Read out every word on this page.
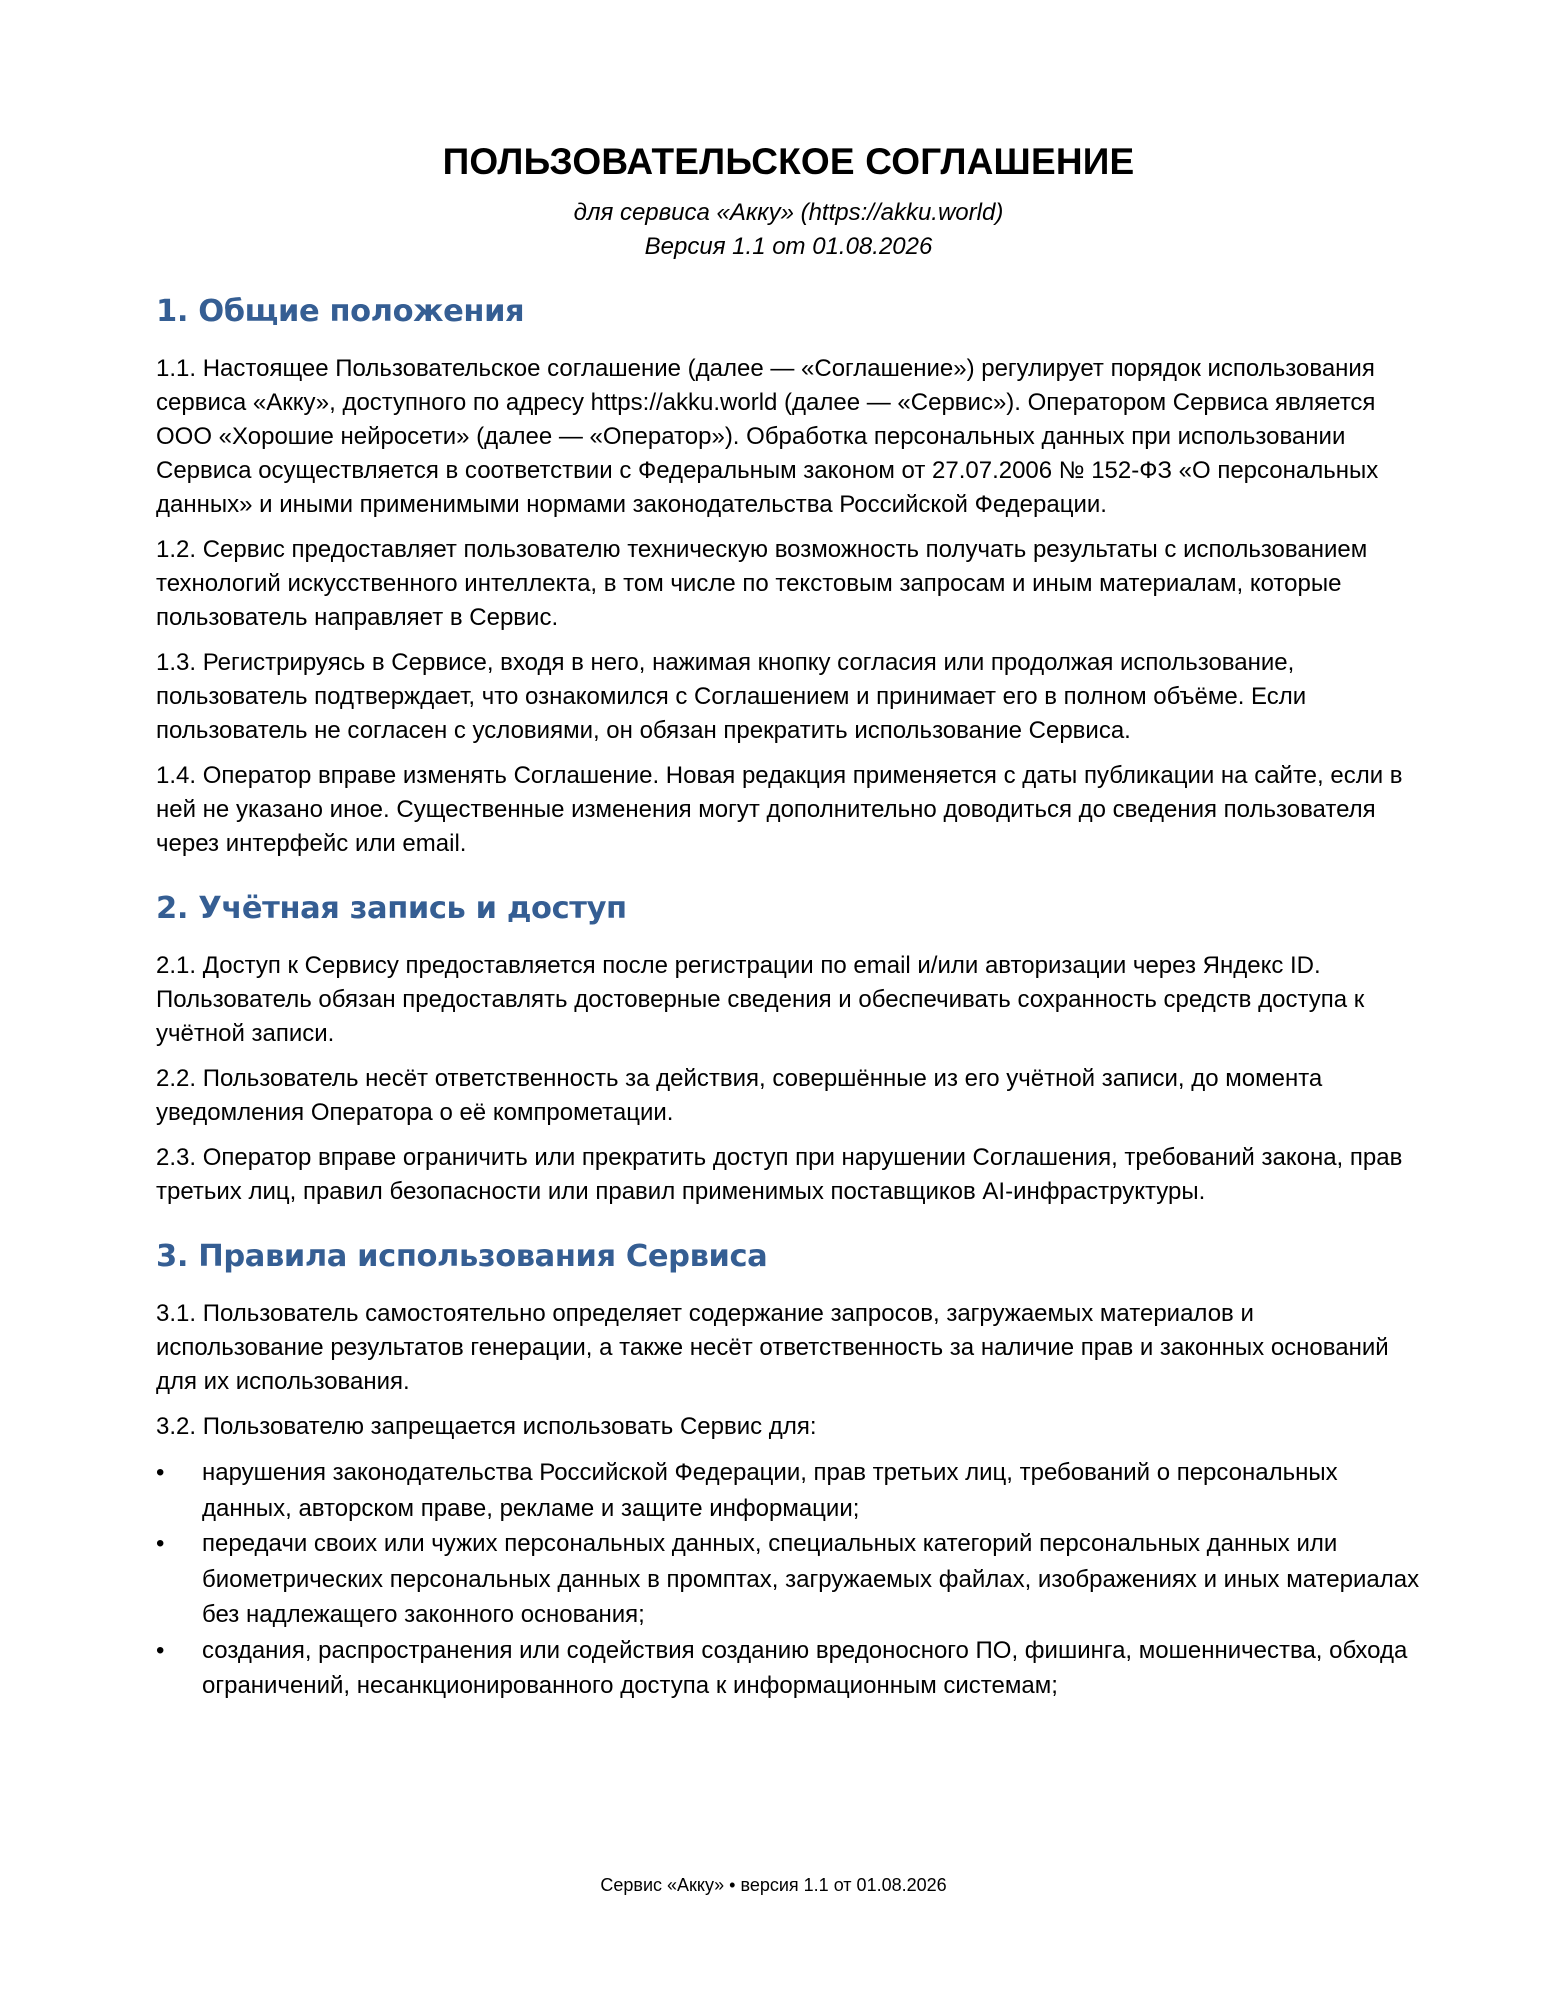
ПОЛЬЗОВАТЕЛЬСКОЕ СОГЛАШЕНИЕ

для сервиса «Акку» (https://akku.world)
Версия 1.1 от 01.08.2026

1. Общие положения

1.1. Настоящее Пользовательское соглашение (далее — «Соглашение») регулирует порядок использования сервиса «Акку», доступного по адресу https://akku.world (далее — «Сервис»). Оператором Сервиса является ООО «Хорошие нейросети» (далее — «Оператор»). Обработка персональных данных при использовании Сервиса осуществляется в соответствии с Федеральным законом от 27.07.2006 № 152-ФЗ «О персональных данных» и иными применимыми нормами законодательства Российской Федерации.

1.2. Сервис предоставляет пользователю техническую возможность получать результаты с использованием технологий искусственного интеллекта, в том числе по текстовым запросам и иным материалам, которые пользователь направляет в Сервис.

1.3. Регистрируясь в Сервисе, входя в него, нажимая кнопку согласия или продолжая использование, пользователь подтверждает, что ознакомился с Соглашением и принимает его в полном объёме. Если пользователь не согласен с условиями, он обязан прекратить использование Сервиса.

1.4. Оператор вправе изменять Соглашение. Новая редакция применяется с даты публикации на сайте, если в ней не указано иное. Существенные изменения могут дополнительно доводиться до сведения пользователя через интерфейс или email.

2. Учётная запись и доступ

2.1. Доступ к Сервису предоставляется после регистрации по email и/или авторизации через Яндекс ID. Пользователь обязан предоставлять достоверные сведения и обеспечивать сохранность средств доступа к учётной записи.

2.2. Пользователь несёт ответственность за действия, совершённые из его учётной записи, до момента уведомления Оператора о её компрометации.

2.3. Оператор вправе ограничить или прекратить доступ при нарушении Соглашения, требований закона, прав третьих лиц, правил безопасности или правил применимых поставщиков AI-инфраструктуры.

3. Правила использования Сервиса

3.1. Пользователь самостоятельно определяет содержание запросов, загружаемых материалов и использование результатов генерации, а также несёт ответственность за наличие прав и законных оснований для их использования.

3.2. Пользователю запрещается использовать Сервис для:

• нарушения законодательства Российской Федерации, прав третьих лиц, требований о персональных данных, авторском праве, рекламе и защите информации;
• передачи своих или чужих персональных данных, специальных категорий персональных данных или биометрических персональных данных в промптах, загружаемых файлах, изображениях и иных материалах без надлежащего законного основания;
• создания, распространения или содействия созданию вредоносного ПО, фишинга, мошенничества, обхода ограничений, несанкционированного доступа к информационным системам;
Сервис «Акку» • версия 1.1 от 01.08.2026
